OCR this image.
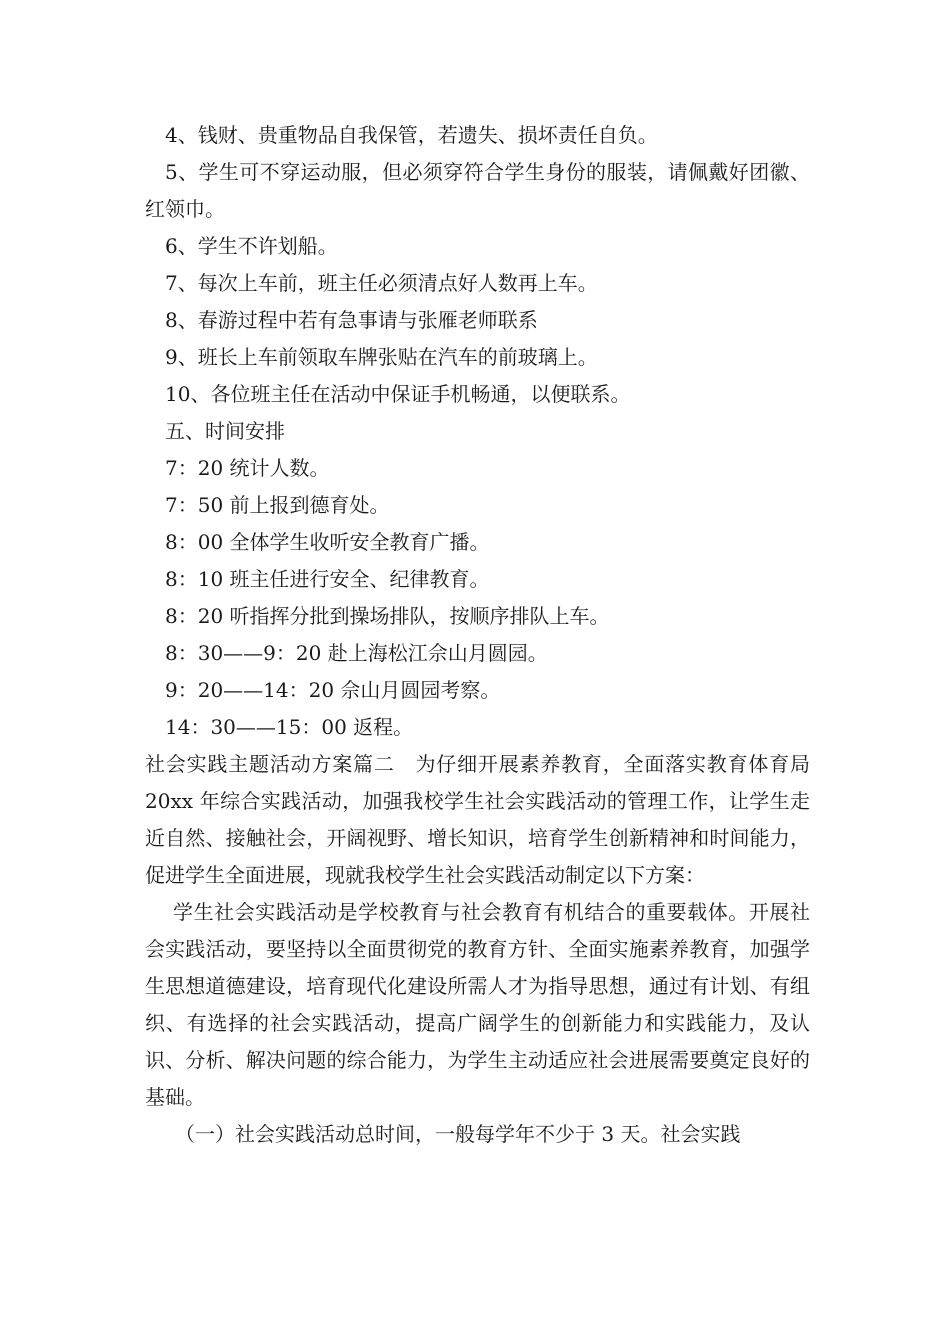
4、钱财、贵重物品自我保管，若遗失、损坏责任自负。
5、学生可不穿运动服，但必须穿符合学生身份的服装，请佩戴好团徽、红领巾。
6、学生不许划船。
7、每次上车前，班主任必须清点好人数再上车。
8、春游过程中若有急事请与张雁老师联系
9、班长上车前领取车牌张贴在汽车的前玻璃上。
10、各位班主任在活动中保证手机畅通，以便联系。
五、时间安排
7：20 统计人数。
7：50 前上报到德育处。
8：00 全体学生收听安全教育广播。
8：10 班主任进行安全、纪律教育。
8：20 听指挥分批到操场排队，按顺序排队上车。
8：30——9：20 赴上海松江佘山月圆园。
9：20——14：20 佘山月圆园考察。
14：30——15：00 返程。
社会实践主题活动方案篇二　为仔细开展素养教育，全面落实教育体育局 20xx 年综合实践活动，加强我校学生社会实践活动的管理工作，让学生走近自然、接触社会，开阔视野、增长知识，培育学生创新精神和时间能力，促进学生全面进展，现就我校学生社会实践活动制定以下方案：
学生社会实践活动是学校教育与社会教育有机结合的重要载体。开展社会实践活动，要坚持以全面贯彻党的教育方针、全面实施素养教育，加强学生思想道德建设，培育现代化建设所需人才为指导思想，通过有计划、有组织、有选择的社会实践活动，提高广阔学生的创新能力和实践能力，及认识、分析、解决问题的综合能力，为学生主动适应社会进展需要奠定良好的基础。
（一）社会实践活动总时间，一般每学年不少于 3 天。社会实践
